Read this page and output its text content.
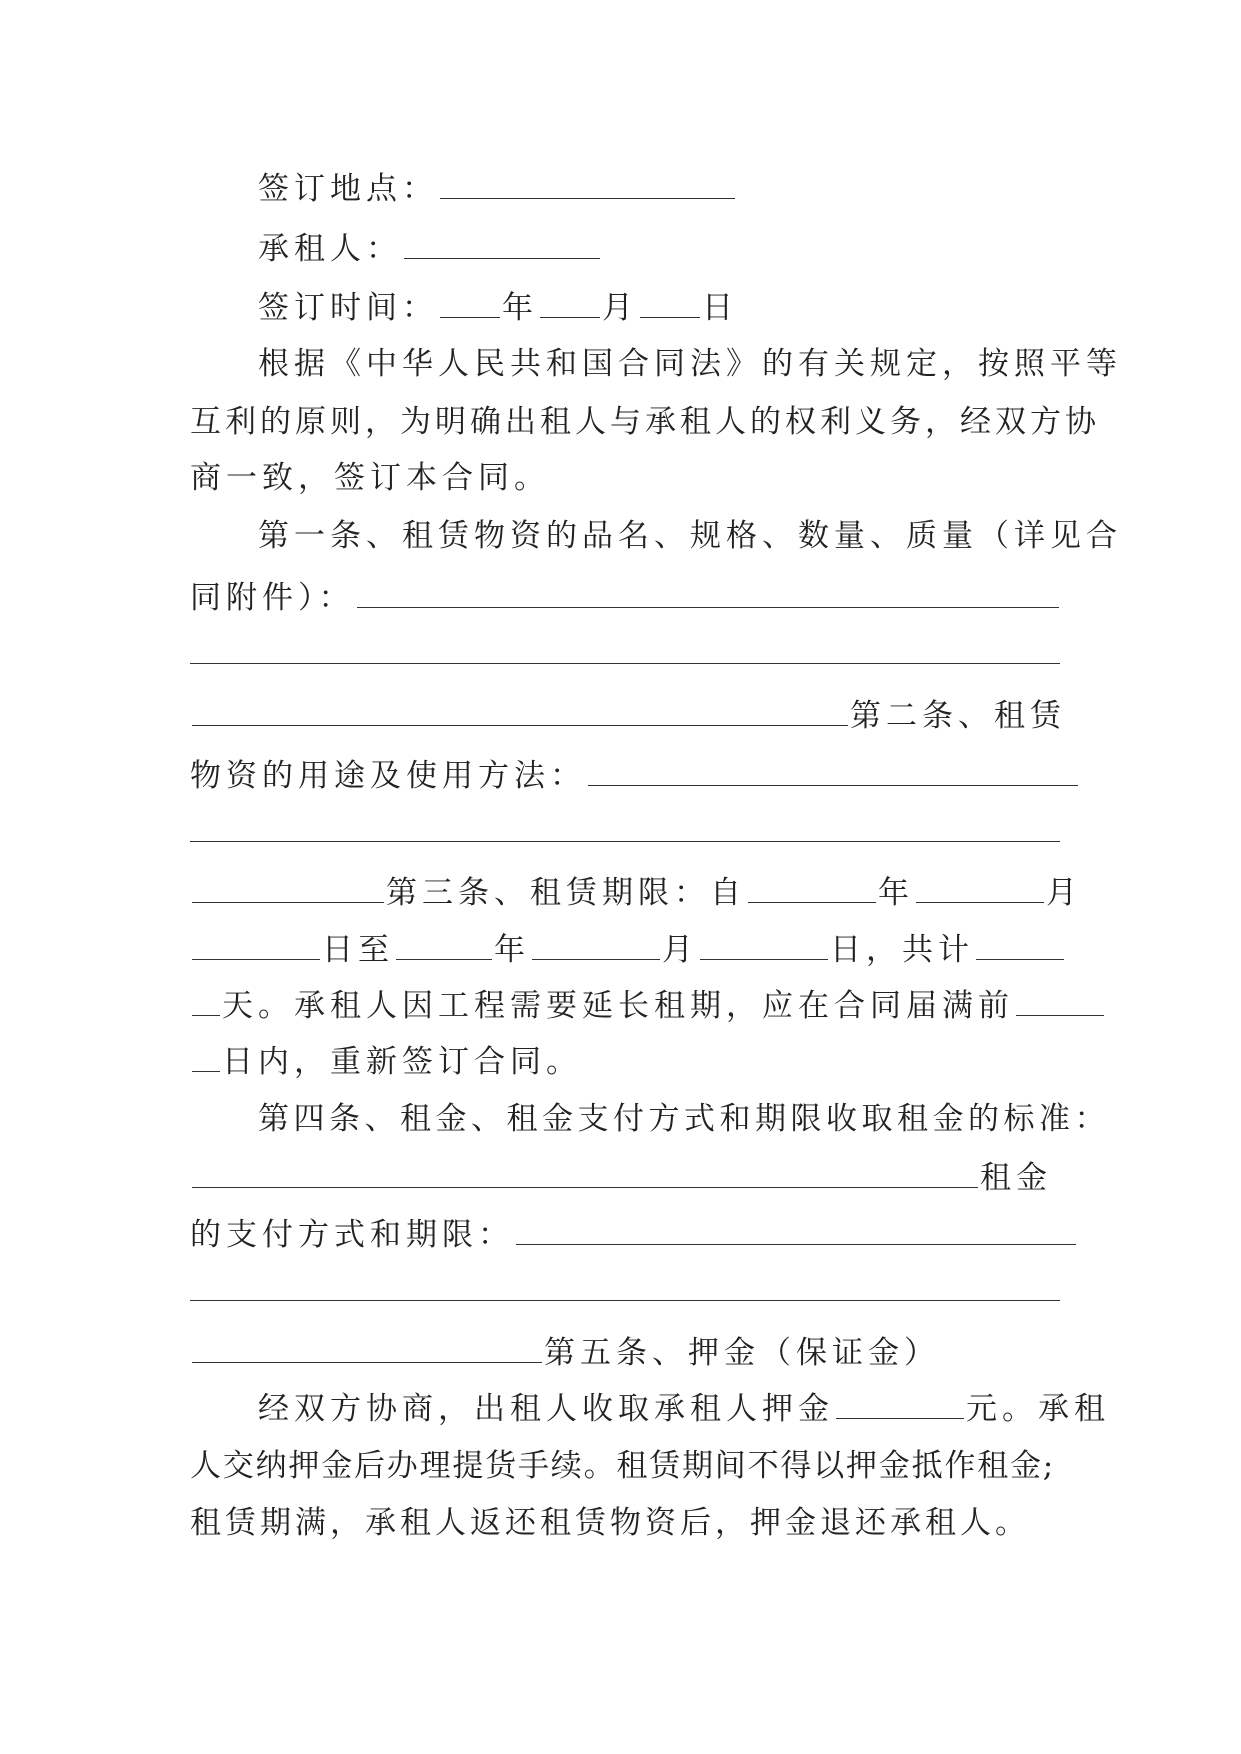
签订地点：
承租人：
签订时间： 年 月 日
根据《中华人民共和国合同法》的有关规定，按照平等
互利的原则，为明确出租人与承租人的权利义务，经双方协
商一致，签订本合同。
第一条、租赁物资的品名、规格、数量、质量（详见合
同附件）：
第二条、租赁
物资的用途及使用方法：
第三条、租赁期限：自	年	月
日至	年	月	日，共计
天。承租人因工程需要延长租期，应在合同届满前
日内，重新签订合同。
第四条、租金、租金支付方式和期限收取租金的标准：
租金
的支付方式和期限：
第五条、押金（保证金）
经双方协商，出租人收取承租人押金	元。承租
人交纳押金后办理提货手续。租赁期间不得以押金抵作租金;
租赁期满，承租人返还租赁物资后，押金退还承租人。
